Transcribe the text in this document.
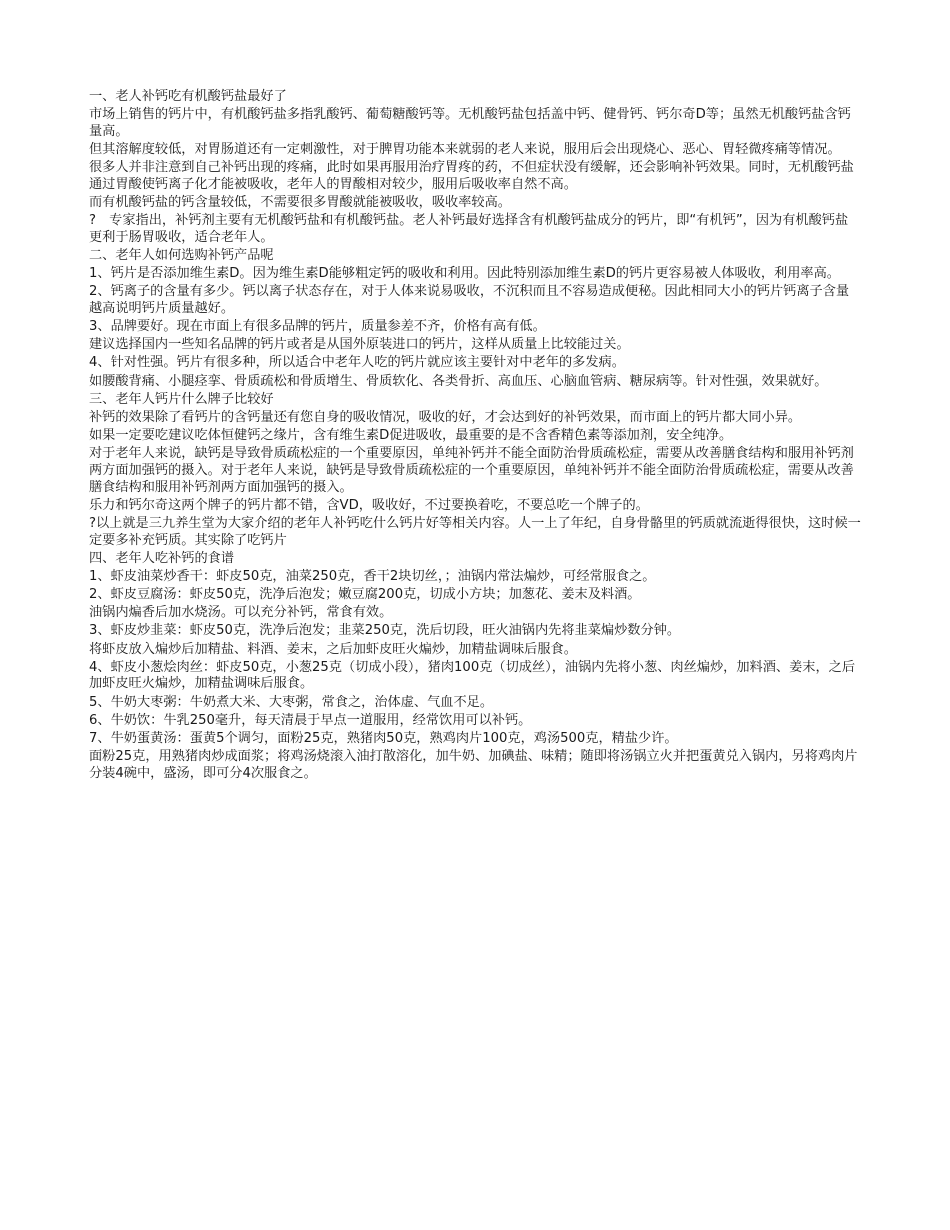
一、老人补钙吃有机酸钙盐最好了

市场上销售的钙片中，有机酸钙盐多指乳酸钙、葡萄糖酸钙等。无机酸钙盐包括盖中钙、健骨钙、钙尔奇D等；虽然无机酸钙盐含钙量高。

但其溶解度较低，对胃肠道还有一定刺激性，对于脾胃功能本来就弱的老人来说，服用后会出现烧心、恶心、胃轻微疼痛等情况。

很多人并非注意到自己补钙出现的疼痛，此时如果再服用治疗胃疼的药，不但症状没有缓解，还会影响补钙效果。同时，无机酸钙盐通过胃酸使钙离子化才能被吸收，老年人的胃酸相对较少，服用后吸收率自然不高。

而有机酸钙盐的钙含量较低，不需要很多胃酸就能被吸收，吸收率较高。

?　专家指出，补钙剂主要有无机酸钙盐和有机酸钙盐。老人补钙最好选择含有机酸钙盐成分的钙片，即“有机钙”，因为有机酸钙盐更利于肠胃吸收，适合老年人。

二、老年人如何选购补钙产品呢

1、钙片是否添加维生素D。因为维生素D能够粗定钙的吸收和利用。因此特别添加维生素D的钙片更容易被人体吸收，利用率高。

2、钙离子的含量有多少。钙以离子状态存在，对于人体来说易吸收，不沉积而且不容易造成便秘。因此相同大小的钙片钙离子含量越高说明钙片质量越好。

3、品牌要好。现在市面上有很多品牌的钙片，质量参差不齐，价格有高有低。

建议选择国内一些知名品牌的钙片或者是从国外原装进口的钙片，这样从质量上比较能过关。

4、针对性强。钙片有很多种，所以适合中老年人吃的钙片就应该主要针对中老年的多发病。

如腰酸背痛、小腿痉挛、骨质疏松和骨质增生、骨质软化、各类骨折、高血压、心脑血管病、糖尿病等。针对性强，效果就好。

三、老年人钙片什么牌子比较好

补钙的效果除了看钙片的含钙量还有您自身的吸收情况，吸收的好，才会达到好的补钙效果，而市面上的钙片都大同小异。

如果一定要吃建议吃体恒健钙之缘片，含有维生素D促进吸收，最重要的是不含香精色素等添加剂，安全纯净。

对于老年人来说，缺钙是导致骨质疏松症的一个重要原因，单纯补钙并不能全面防治骨质疏松症，需要从改善膳食结构和服用补钙剂两方面加强钙的摄入。对于老年人来说，缺钙是导致骨质疏松症的一个重要原因，单纯补钙并不能全面防治骨质疏松症，需要从改善膳食结构和服用补钙剂两方面加强钙的摄入。

乐力和钙尔奇这两个牌子的钙片都不错，含VD，吸收好，不过要换着吃，不要总吃一个牌子的。

?以上就是三九养生堂为大家介绍的老年人补钙吃什么钙片好等相关内容。人一上了年纪，自身骨骼里的钙质就流逝得很快，这时候一定要多补充钙质。其实除了吃钙片

四、老年人吃补钙的食谱

1、虾皮油菜炒香干：虾皮50克，油菜250克，香干2块切丝，；油锅内常法煸炒，可经常服食之。

2、虾皮豆腐汤：虾皮50克，洗净后泡发；嫩豆腐200克，切成小方块；加葱花、姜末及料酒。

油锅内煸香后加水烧汤。可以充分补钙，常食有效。

3、虾皮炒韭菜：虾皮50克，洗净后泡发；韭菜250克，洗后切段，旺火油锅内先将韭菜煸炒数分钟。

将虾皮放入煸炒后加精盐、料酒、姜末，之后加虾皮旺火煸炒，加精盐调味后服食。

4、虾皮小葱烩肉丝：虾皮50克，小葱25克（切成小段），猪肉100克（切成丝），油锅内先将小葱、肉丝煸炒，加料酒、姜末，之后加虾皮旺火煸炒，加精盐调味后服食。

5、牛奶大枣粥：牛奶煮大米、大枣粥，常食之，治体虚、气血不足。

6、牛奶饮：牛乳250毫升，每天清晨于早点一道服用，经常饮用可以补钙。

7、牛奶蛋黄汤：蛋黄5个调匀，面粉25克，熟猪肉50克，熟鸡肉片100克，鸡汤500克，精盐少许。

面粉25克，用熟猪肉炒成面浆；将鸡汤烧滚入油打散溶化，加牛奶、加碘盐、味精；随即将汤锅立火并把蛋黄兑入锅内，另将鸡肉片分装4碗中，盛汤，即可分4次服食之。
